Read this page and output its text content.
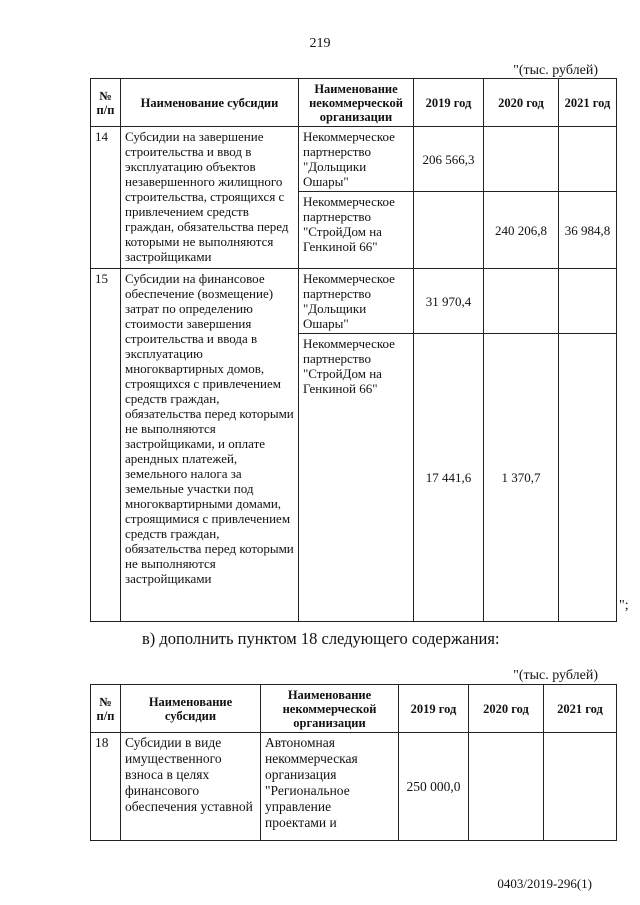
219
"(тыс. рублей)
№ п/п	Наименование субсидии	Наименование некоммерческой организации	2019 год	2020 год	2021 год
14	Субсидии на завершение строительства и ввод в эксплуатацию объектов незавершенного жилищного строительства, строящихся с привлечением средств граждан, обязательства перед которыми не выполняются застройщиками	Некоммерческое партнерство "Дольщики Ошары"	206 566,3		
		Некоммерческое партнерство "СтройДом на Генкиной 66"		240 206,8	36 984,8
15	Субсидии на финансовое обеспечение (возмещение) затрат по определению стоимости завершения строительства и ввода в эксплуатацию многоквартирных домов, строящихся с привлечением средств граждан, обязательства перед которыми не выполняются застройщиками, и оплате арендных платежей, земельного налога за земельные участки под многоквартирными домами, строящимися с привлечением средств граждан, обязательства перед которыми не выполняются застройщиками	Некоммерческое партнерство "Дольщики Ошары"	31 970,4		
		Некоммерческое партнерство "СтройДом на Генкиной 66"	17 441,6	1 370,7	
";
в) дополнить пунктом 18 следующего содержания:
"(тыс. рублей)
№ п/п	Наименование субсидии	Наименование некоммерческой организации	2019 год	2020 год	2021 год
18	Субсидии в виде имущественного взноса в целях финансового обеспечения уставной	Автономная некоммерческая организация "Региональное управление проектами и	250 000,0		
0403/2019-296(1)
